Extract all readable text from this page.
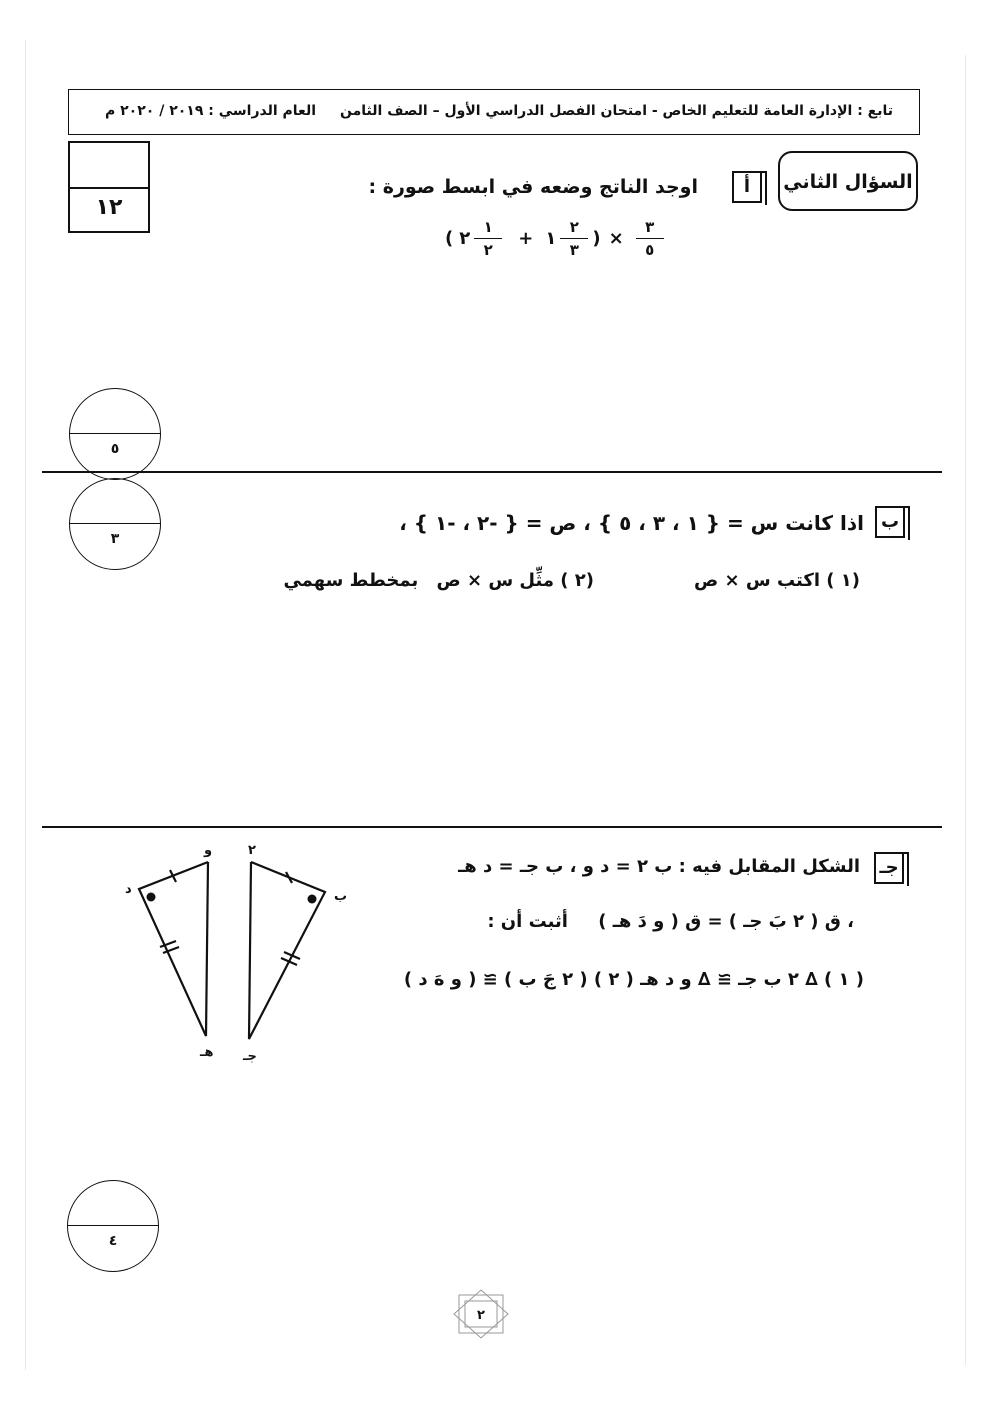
تابع : الإدارة العامة للتعليم الخاص - امتحان الفصل الدراسي الأول – الصف الثامن
العام الدراسي : ٢٠١٩ / ٢٠٢٠ م
١٢
السؤال الثاني
أ
اوجد الناتج وضعه في ابسط صورة :
( ٢ $\frac{١}{٢}$ + ١ $\frac{٢}{٣}$ ) × $\frac{٣}{٥}$
٥
٣
ب
اذا كانت س = { ١ ، ٣ ، ٥ } ، ص = { -٢ ، -١ } ،
(١ ) اكتب س × ص
(٢ ) مثِّل س × ص بمخطط سهمي
جـ
الشكل المقابل فيه : ب ٢ = د و ، ب جـ = د هـ
، ق ( ٢ بَ جـ ) = ق ( و دَ هـ ) أثبت أن :
( ١ ) ∆ ٢ ب جـ ≅ ∆ و د هـ ( ٢ ) ( ٢ جَ ب ) ≅ ( و هَ د )
و
د
هـ
٢
ب
جـ
٤
٢
